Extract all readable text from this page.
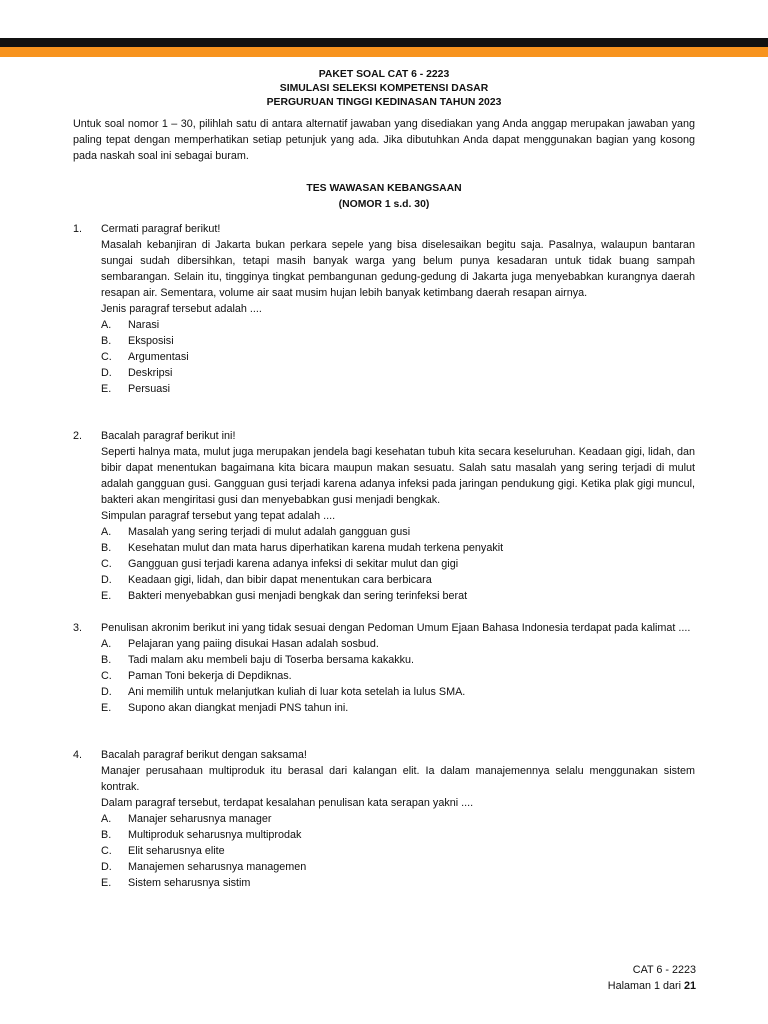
PAKET SOAL CAT 6 - 2223
SIMULASI SELEKSI KOMPETENSI DASAR
PERGURUAN TINGGI KEDINASAN TAHUN 2023
Untuk soal nomor 1 – 30, pilihlah satu di antara alternatif jawaban yang disediakan yang Anda anggap merupakan jawaban yang paling tepat dengan memperhatikan setiap petunjuk yang ada. Jika dibutuhkan Anda dapat menggunakan bagian yang kosong pada naskah soal ini sebagai buram.
TES WAWASAN KEBANGSAAN
(NOMOR 1 s.d. 30)
1. Cermati paragraf berikut!

Masalah kebanjiran di Jakarta bukan perkara sepele yang bisa diselesaikan begitu saja. Pasalnya, walaupun bantaran sungai sudah dibersihkan, tetapi masih banyak warga yang belum punya kesadaran untuk tidak buang sampah sembarangan. Selain itu, tingginya tingkat pembangunan gedung-gedung di Jakarta juga menyebabkan kurangnya daerah resapan air. Sementara, volume air saat musim hujan lebih banyak ketimbang daerah resapan airnya.

Jenis paragraf tersebut adalah ....

A. Narasi
B. Eksposisi
C. Argumentasi
D. Deskripsi
E. Persuasi
2. Bacalah paragraf berikut ini!

Seperti halnya mata, mulut juga merupakan jendela bagi kesehatan tubuh kita secara keseluruhan. Keadaan gigi, lidah, dan bibir dapat menentukan bagaimana kita bicara maupun makan sesuatu. Salah satu masalah yang sering terjadi di mulut adalah gangguan gusi. Gangguan gusi terjadi karena adanya infeksi pada jaringan pendukung gigi. Ketika plak gigi muncul, bakteri akan mengiritasi gusi dan menyebabkan gusi menjadi bengkak.

Simpulan paragraf tersebut yang tepat adalah ....

A. Masalah yang sering terjadi di mulut adalah gangguan gusi
B. Kesehatan mulut dan mata harus diperhatikan karena mudah terkena penyakit
C. Gangguan gusi terjadi karena adanya infeksi di sekitar mulut dan gigi
D. Keadaan gigi, lidah, dan bibir dapat menentukan cara berbicara
E. Bakteri menyebabkan gusi menjadi bengkak dan sering terinfeksi berat
3. Penulisan akronim berikut ini yang tidak sesuai dengan Pedoman Umum Ejaan Bahasa Indonesia terdapat pada kalimat ....

A. Pelajaran yang paiing disukai Hasan adalah sosbud.
B. Tadi malam aku membeli baju di Toserba bersama kakakku.
C. Paman Toni bekerja di Depdiknas.
D. Ani memilih untuk melanjutkan kuliah di luar kota setelah ia lulus SMA.
E. Supono akan diangkat menjadi PNS tahun ini.
4. Bacalah paragraf berikut dengan saksama!

Manajer perusahaan multiproduk itu berasal dari kalangan elit. Ia dalam manajemennya selalu menggunakan sistem kontrak.

Dalam paragraf tersebut, terdapat kesalahan penulisan kata serapan yakni ....

A. Manajer seharusnya manager
B. Multiproduk seharusnya multiprodak
C. Elit seharusnya elite
D. Manajemen seharusnya managemen
E. Sistem seharusnya sistim
CAT 6 - 2223
Halaman 1 dari 21
